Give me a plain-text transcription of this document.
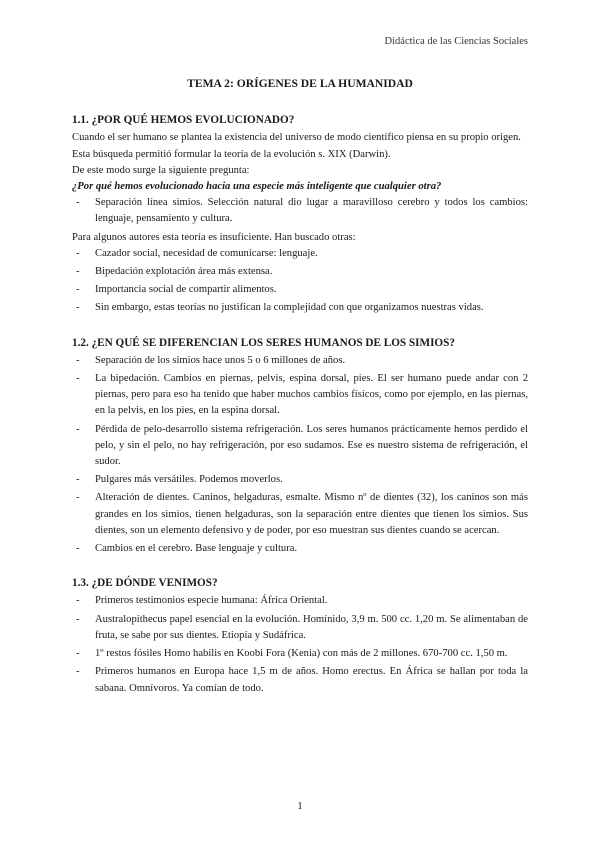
Didáctica de las Ciencias Sociales
TEMA 2: ORÍGENES DE LA HUMANIDAD
1.1. ¿POR QUÉ HEMOS EVOLUCIONADO?

Cuando el ser humano se plantea la existencia del universo de modo científico piensa en su propio origen.

Esta búsqueda permitió formular la teoría de la evolución s. XIX (Darwin).

De este modo surge la siguiente pregunta:

¿Por qué hemos evolucionado hacia una especie más inteligente que cualquier otra?

- Separación línea simios. Selección natural dio lugar a maravilloso cerebro y todos los cambios: lenguaje, pensamiento y cultura.

Para algunos autores esta teoría es insuficiente. Han buscado otras:

- Cazador social, necesidad de comunicarse: lenguaje.
- Bipedación explotación área más extensa.
- Importancia social de compartir alimentos.
- Sin embargo, estas teorías no justifican la complejidad con que organizamos nuestras vidas.
1.2. ¿EN QUÉ SE DIFERENCIAN LOS SERES HUMANOS DE LOS SIMIOS?
- Separación de los simios hace unos 5 o 6 millones de años.
- La bipedación. Cambios en piernas, pelvis, espina dorsal, pies. El ser humano puede andar con 2 piernas, pero para eso ha tenido que haber muchos cambios físicos, como por ejemplo, en las piernas, en la pelvis, en los pies, en la espina dorsal.
- Pérdida de pelo-desarrollo sistema refrigeración. Los seres humanos prácticamente hemos perdido el pelo, y sin el pelo, no hay refrigeración, por eso sudamos. Ese es nuestro sistema de refrigeración, el sudor.
- Pulgares más versátiles. Podemos moverlos.
- Alteración de dientes. Caninos, helgaduras, esmalte. Mismo nº de dientes (32), los caninos son más grandes en los simios, tienen helgaduras, son la separación entre dientes que tienen los simios. Sus dientes, son un elemento defensivo y de poder, por eso muestran sus dientes cuando se acercan.
- Cambios en el cerebro. Base lenguaje y cultura.
1.3. ¿DE DÓNDE VENIMOS?
- Primeros testimonios especie humana: África Oriental.
- Australopithecus papel esencial en la evolución. Homínido, 3,9 m. 500 cc. 1,20 m. Se alimentaban de fruta, se sabe por sus dientes. Etiopía y Sudáfrica.
- 1º restos fósiles Homo habilis en Koobi Fora (Kenia) con más de 2 millones. 670-700 cc. 1,50 m.
- Primeros humanos en Europa hace 1,5 m de años. Homo erectus. En África se hallan por toda la sabana. Omnívoros. Ya comían de todo.
1
